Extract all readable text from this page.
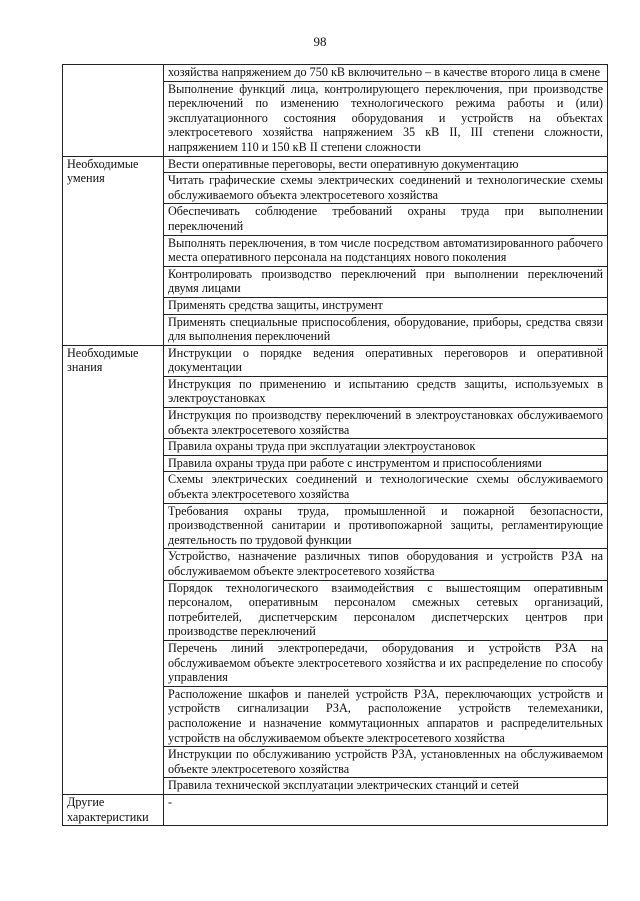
98
	хозяйства напряжением до 750 кВ включительно – в качестве второго лица в смене
	Выполнение функций лица, контролирующего переключения, при производстве переключений по изменению технологического режима работы и (или) эксплуатационного состояния оборудования и устройств на объектах электросетевого хозяйства напряжением 35 кВ II, III степени сложности, напряжением 110 и 150 кВ II степени сложности
Необходимые умения	Вести оперативные переговоры, вести оперативную документацию
	Читать графические схемы электрических соединений и технологические схемы обслуживаемого объекта электросетевого хозяйства
	Обеспечивать соблюдение требований охраны труда при выполнении переключений
	Выполнять переключения, в том числе посредством автоматизированного рабочего места оперативного персонала на подстанциях нового поколения
	Контролировать производство переключений при выполнении переключений двумя лицами
	Применять средства защиты, инструмент
	Применять специальные приспособления, оборудование, приборы, средства связи для выполнения переключений
Необходимые знания	Инструкции о порядке ведения оперативных переговоров и оперативной документации
	Инструкция по применению и испытанию средств защиты, используемых в электроустановках
	Инструкция по производству переключений в электроустановках обслуживаемого объекта электросетевого хозяйства
	Правила охраны труда при эксплуатации электроустановок
	Правила охраны труда при работе с инструментом и приспособлениями
	Схемы электрических соединений и технологические схемы обслуживаемого объекта электросетевого хозяйства
	Требования охраны труда, промышленной и пожарной безопасности, производственной санитарии и противопожарной защиты, регламентирующие деятельность по трудовой функции
	Устройство, назначение различных типов оборудования и устройств РЗА на обслуживаемом объекте электросетевого хозяйства
	Порядок технологического взаимодействия с вышестоящим оперативным персоналом, оперативным персоналом смежных сетевых организаций, потребителей, диспетчерским персоналом диспетчерских центров при производстве переключений
	Перечень линий электропередачи, оборудования и устройств РЗА на обслуживаемом объекте электросетевого хозяйства и их распределение по способу управления
	Расположение шкафов и панелей устройств РЗА, переключающих устройств и устройств сигнализации РЗА, расположение устройств телемеханики, расположение и назначение коммутационных аппаратов и распределительных устройств на обслуживаемом объекте электросетевого хозяйства
	Инструкции по обслуживанию устройств РЗА, установленных на обслуживаемом объекте электросетевого хозяйства
	Правила технической эксплуатации электрических станций и сетей
Другие характеристики	-
